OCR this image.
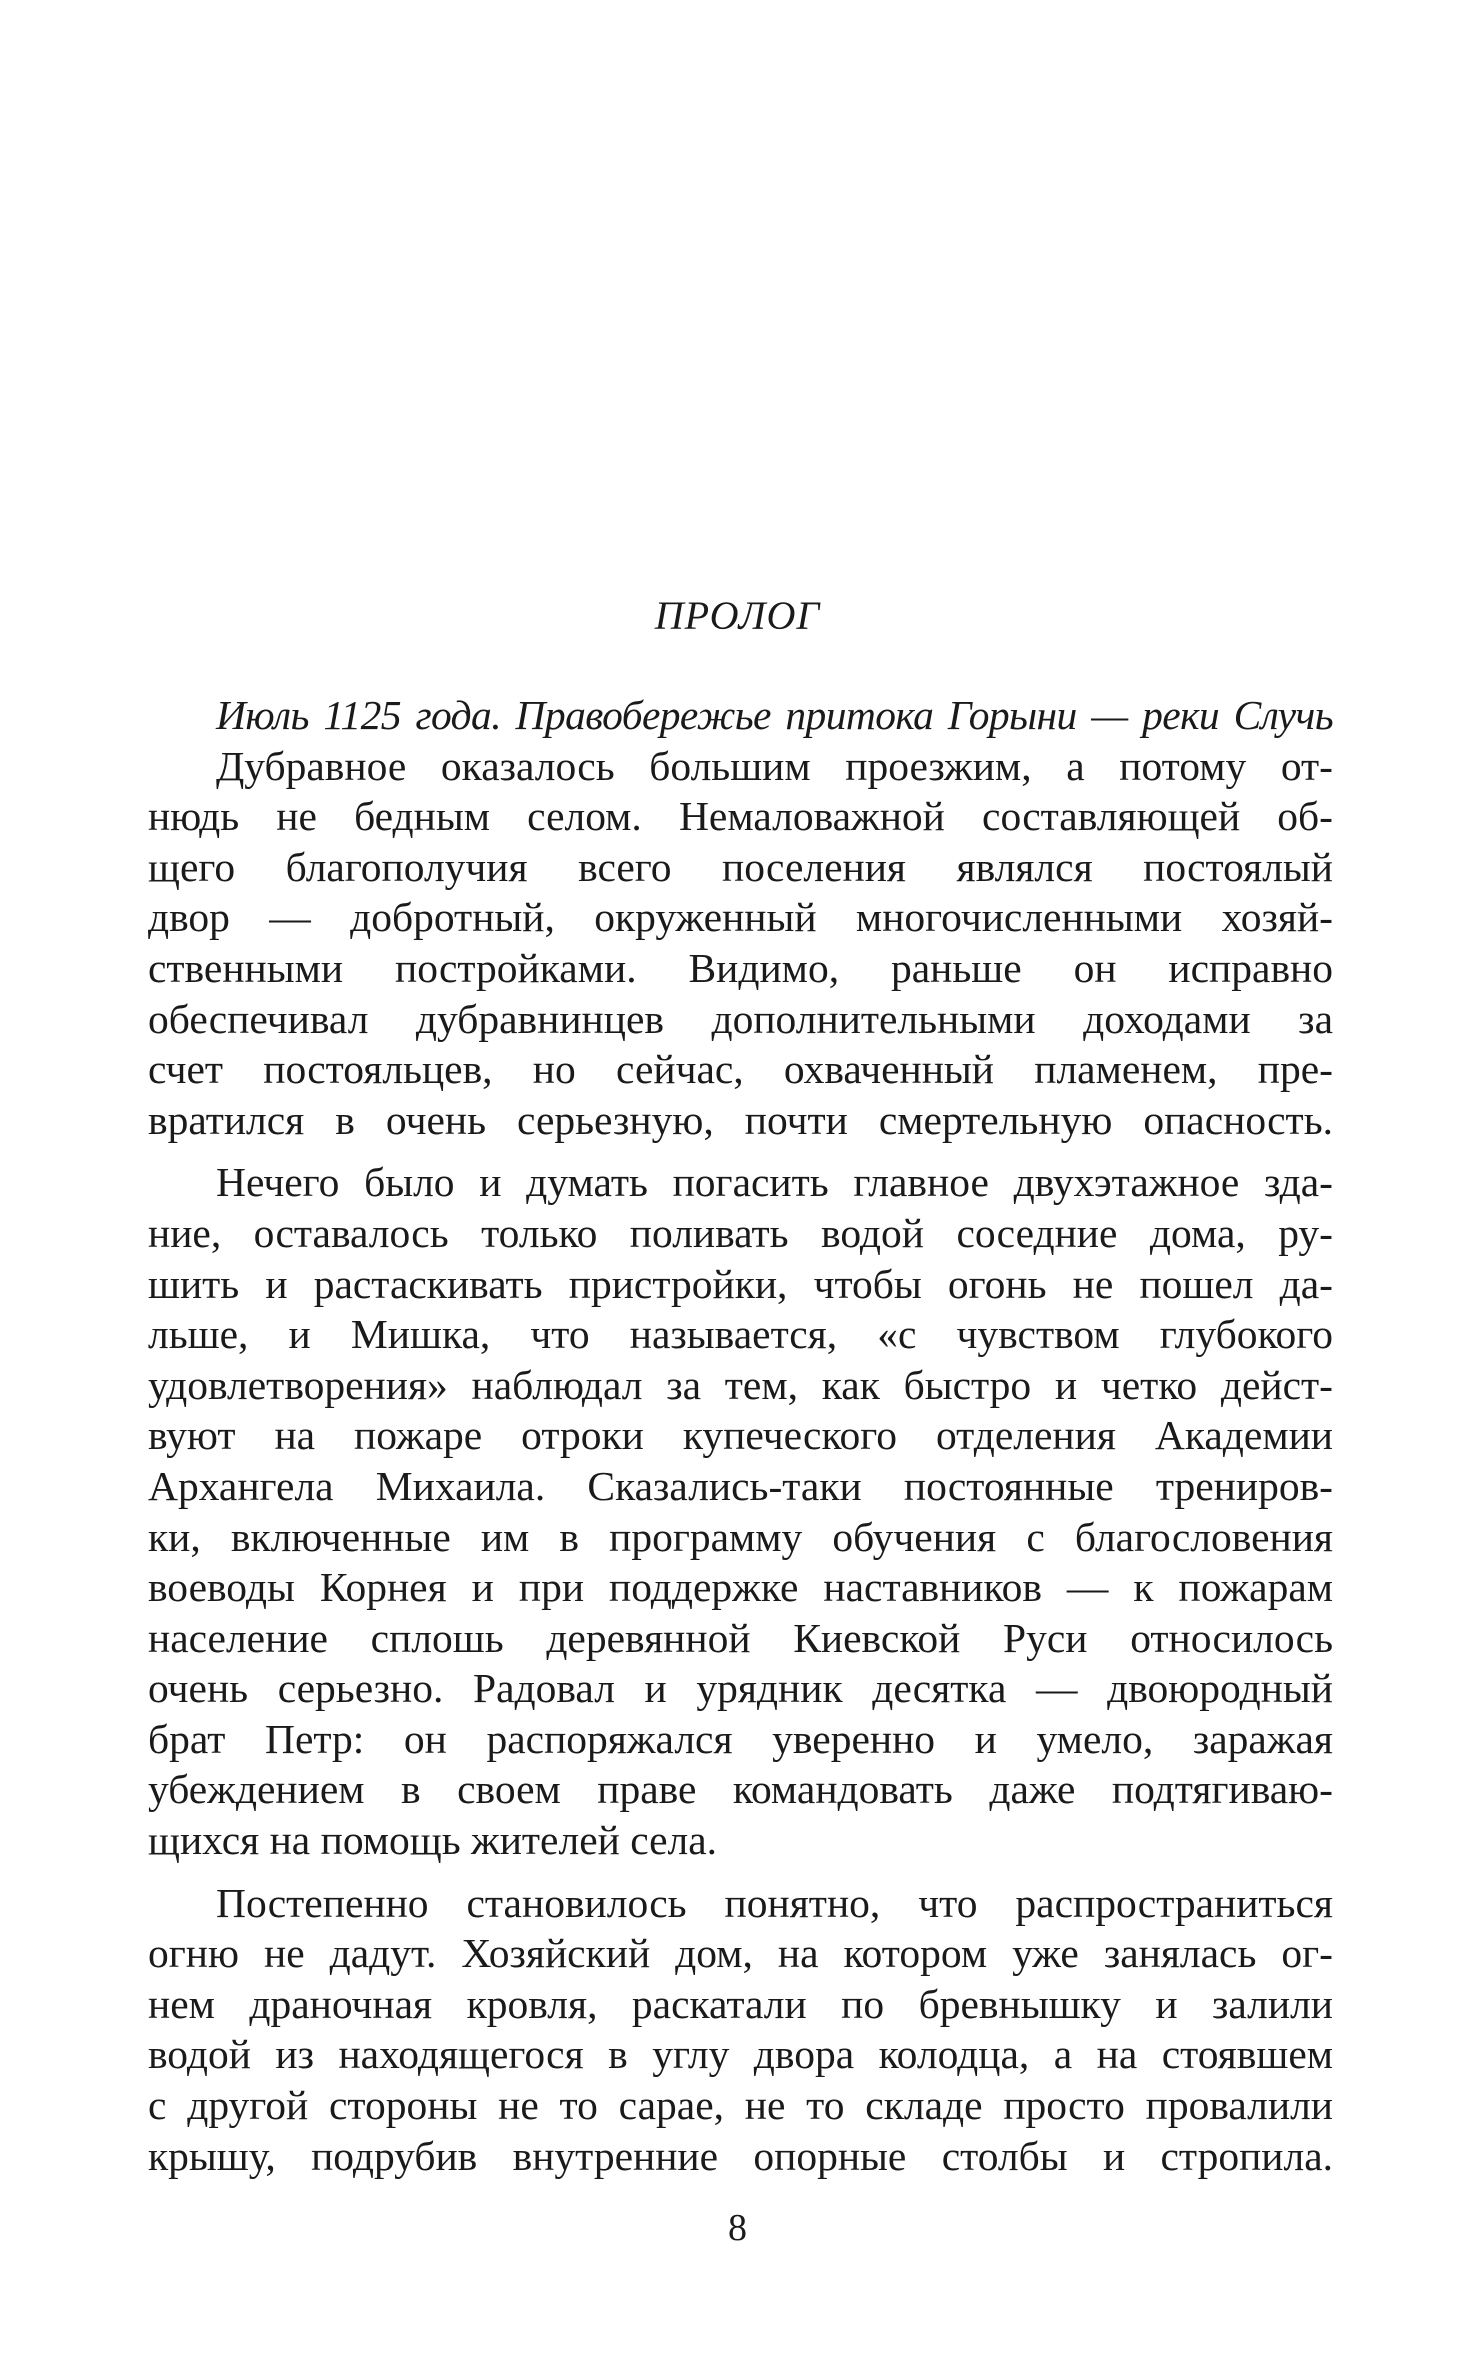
ПРОЛОГ

Июль 1125 года. Правобережье притока Горыни — реки Случь

Дубравное оказалось большим проезжим, а потому от-
нюдь не бедным селом. Немаловажной составляющей об-
щего благополучия всего поселения являлся постоялый
двор — добротный, окруженный многочисленными хозяй-
ственными постройками. Видимо, раньше он исправно
обеспечивал дубравнинцев дополнительными доходами за
счет постояльцев, но сейчас, охваченный пламенем, пре-
вратился в очень серьезную, почти смертельную опасность.

Нечего было и думать погасить главное двухэтажное зда-
ние, оставалось только поливать водой соседние дома, ру-
шить и растаскивать пристройки, чтобы огонь не пошел да-
льше, и Мишка, что называется, «с чувством глубокого
удовлетворения» наблюдал за тем, как быстро и четко дейст-
вуют на пожаре отроки купеческого отделения Академии
Архангела Михаила. Сказались-таки постоянные трениров-
ки, включенные им в программу обучения с благословения
воеводы Корнея и при поддержке наставников — к пожарам
население сплошь деревянной Киевской Руси относилось
очень серьезно. Радовал и урядник десятка — двоюродный
брат Петр: он распоряжался уверенно и умело, заражая
убеждением в своем праве командовать даже подтягиваю-
щихся на помощь жителей села.

Постепенно становилось понятно, что распространиться
огню не дадут. Хозяйский дом, на котором уже занялась ог-
нем драночная кровля, раскатали по бревнышку и залили
водой из находящегося в углу двора колодца, а на стоявшем
с другой стороны не то сарае, не то складе просто провалили
крышу, подрубив внутренние опорные столбы и стропила.

8
